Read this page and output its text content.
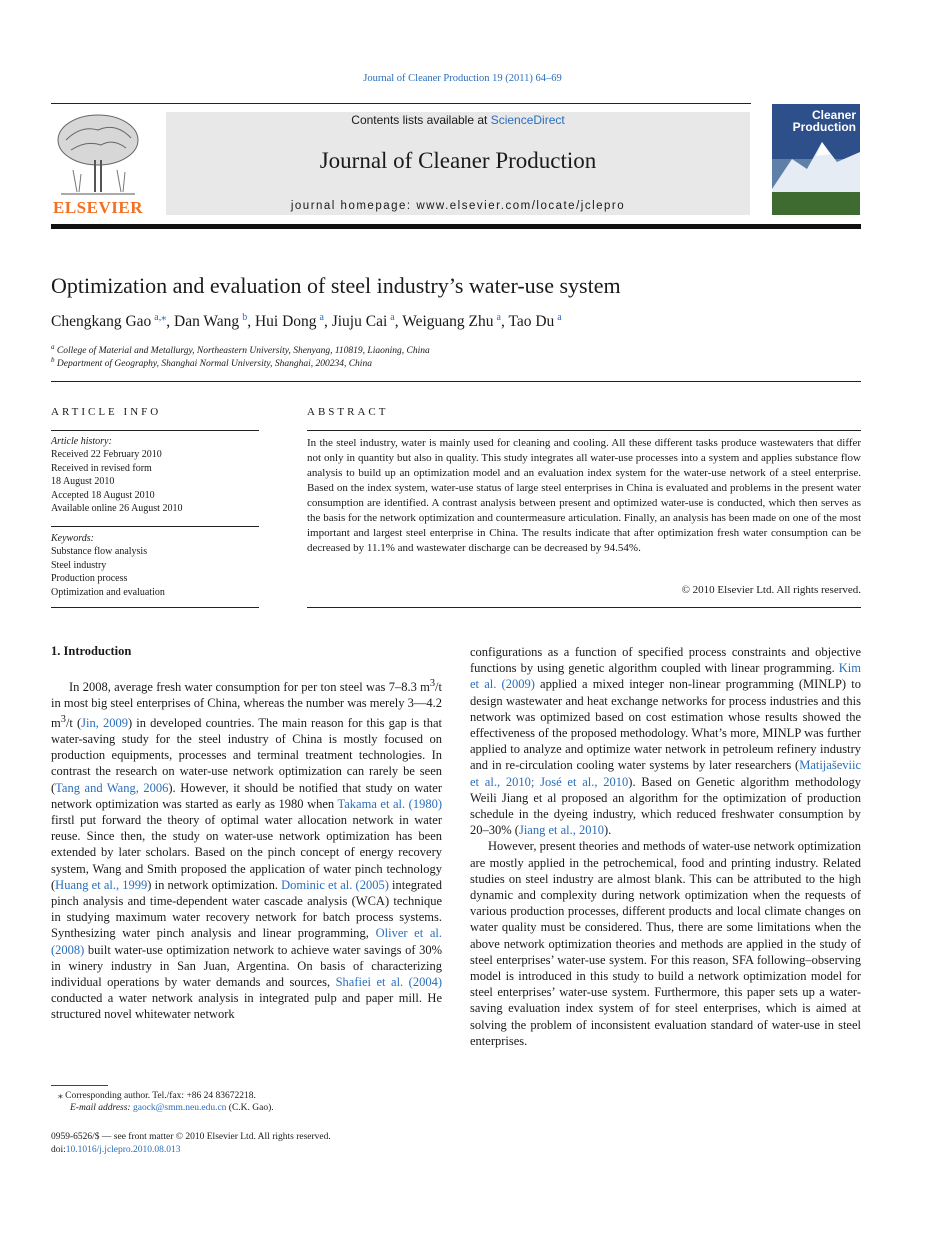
Journal of Cleaner Production 19 (2011) 64–69
ELSEVIER
Contents lists available at ScienceDirect
Journal of Cleaner Production
journal homepage: www.elsevier.com/locate/jclepro
Cleaner
Production
Optimization and evaluation of steel industry’s water-use system
Chengkang Gao $^{a,⁎}$, Dan Wang $^b$, Hui Dong $^a$, Jiuju Cai $^a$, Weiguang Zhu $^a$, Tao Du $^a$
$^a$ College of Material and Metallurgy, Northeastern University, Shenyang, 110819, Liaoning, China
$^b$ Department of Geography, Shanghai Normal University, Shanghai, 200234, China
ARTICLE INFO
Article history:
Received 22 February 2010
Received in revised form
18 August 2010
Accepted 18 August 2010
Available online 26 August 2010
Keywords:
Substance flow analysis
Steel industry
Production process
Optimization and evaluation
ABSTRACT
In the steel industry, water is mainly used for cleaning and cooling. All these different tasks produce wastewaters that differ not only in quantity but also in quality. This study integrates all water-use processes into a system and applies substance flow analysis to build up an optimization model and an evaluation index system for the water-use network of a steel enterprise. Based on the index system, water-use status of large steel enterprises in China is evaluated and problems in the present water consumption are identified. A contrast analysis between present and optimized water-use is conducted, which then serves as the basis for the network optimization and countermeasure articulation. Finally, an analysis has been made on one of the most important and largest steel enterprise in China. The results indicate that after optimization fresh water consumption can be decreased by 11.1% and wastewater discharge can be decreased by 94.54%.
© 2010 Elsevier Ltd. All rights reserved.
1. Introduction

In 2008, average fresh water consumption for per ton steel was 7–8.3 $m^3/t$ in most big steel enterprises of China, whereas the number was merely 3—4.2 $m^3/t$ (Jin, 2009) in developed countries. The main reason for this gap is that water-saving study for the steel industry of China is mostly focused on production equipments, processes and terminal treatment technologies. In contrast the research on water-use network optimization can rarely be seen (Tang and Wang, 2006). However, it should be notified that study on water network optimization was started as early as 1980 when Takama et al. (1980) firstl put forward the theory of optimal water allocation network in water reuse. Since then, the study on water-use network optimization has been extended by later scholars. Based on the pinch concept of energy recovery system, Wang and Smith proposed the application of water pinch technology (Huang et al., 1999) in network optimization. Dominic et al. (2005) integrated pinch analysis and time-dependent water cascade analysis (WCA) technique in studying maximum water recovery network for batch process systems. Synthesizing water pinch analysis and linear programming, Oliver et al. (2008) built water-use optimization network to achieve water savings of 30% in winery industry in San Juan, Argentina. On basis of characterizing individual operations by water demands and sources, Shafiei et al. (2004) conducted a water network analysis in integrated pulp and paper mill. He structured novel whitewater network

configurations as a function of specified process constraints and objective functions by using genetic algorithm coupled with linear programming. Kim et al. (2009) applied a mixed integer non-linear programming (MINLP) to design wastewater and heat exchange networks for process industries and this network was optimized based on cost estimation whose results showed the effectiveness of the proposed methodology. What’s more, MINLP was further applied to analyze and optimize water network in petroleum refinery industry and in re-circulation cooling water systems by later researchers (Matijaševiic et al., 2010; José et al., 2010). Based on Genetic algorithm methodology Weili Jiang et al proposed an algorithm for the optimization of production schedule in the dyeing industry, which reduced freshwater consumption by 20–30% (Jiang et al., 2010).

However, present theories and methods of water-use network optimization are mostly applied in the petrochemical, food and printing industry. Related studies on steel industry are almost blank. This can be attributed to the high dynamic and complexity during network optimization when the requests of various production processes, different products and local climate changes on water quality must be considered. Thus, there are some limitations when the above network optimization theories and methods are applied in the study of steel enterprises’ water-use system. For this reason, SFA following–observing model is introduced in this study to build a network optimization model for steel enterprises’ water-use system. Furthermore, this paper sets up a water-saving evaluation index system of for steel enterprises, which is aimed at solving the problem of inconsistent evaluation standard of water-use in steel enterprises.

⁎ Corresponding author. Tel./fax: +86 24 83672218.
E-mail address: gaock@smm.neu.edu.cn (C.K. Gao).
0959-6526/$ — see front matter © 2010 Elsevier Ltd. All rights reserved.
doi:10.1016/j.jclepro.2010.08.013
